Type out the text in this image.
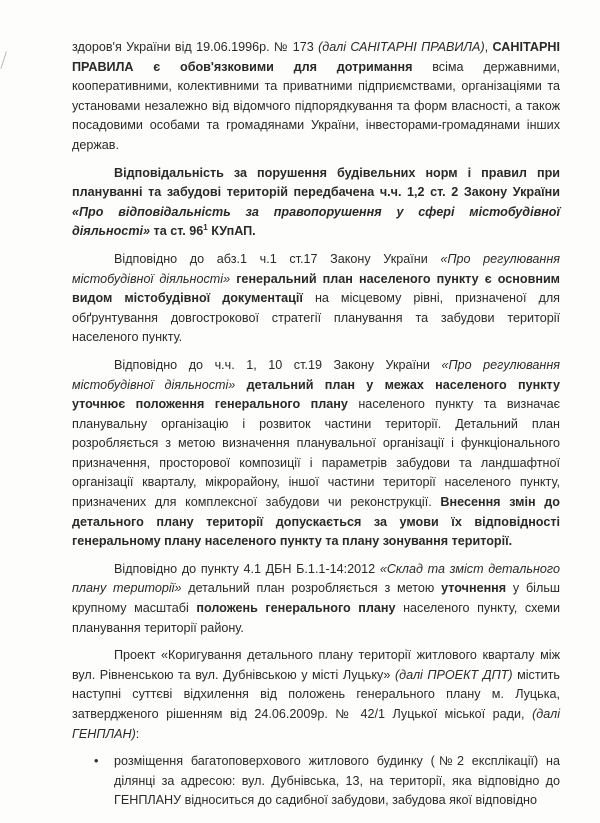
здоров'я України від 19.06.1996р. № 173 (далі САНІТАРНІ ПРАВИЛА), САНІТАРНІ ПРАВИЛА є обов'язковими для дотримання всіма державними, кооперативними, колективними та приватними підприємствами, організаціями та установами незалежно від відомчого підпорядкування та форм власності, а також посадовими особами та громадянами України, інвесторами-громадянами інших держав.

Відповідальність за порушення будівельних норм і правил при плануванні та забудові територій передбачена ч.ч. 1,2 ст. 2 Закону України «Про відповідальність за правопорушення у сфері містобудівної діяльності» та ст. $96^1$ КУпАП.

Відповідно до абз.1 ч.1 ст.17 Закону України «Про регулювання містобудівної діяльності» генеральний план населеного пункту є основним видом містобудівної документації на місцевому рівні, призначеної для обґрунтування довгострокової стратегії планування та забудови території населеного пункту.

Відповідно до ч.ч. 1, 10 ст.19 Закону України «Про регулювання містобудівної діяльності» детальний план у межах населеного пункту уточнює положення генерального плану населеного пункту та визначає планувальну організацію і розвиток частини території. Детальний план розробляється з метою визначення планувальної організації і функціонального призначення, просторової композиції і параметрів забудови та ландшафтної організації кварталу, мікрорайону, іншої частини території населеного пункту, призначених для комплексної забудови чи реконструкції. Внесення змін до детального плану території допускається за умови їх відповідності генеральному плану населеного пункту та плану зонування території.

Відповідно до пункту 4.1 ДБН Б.1.1-14:2012 «Склад та зміст детального плану території» детальний план розробляється з метою уточнення у більш крупному масштабі положень генерального плану населеного пункту, схеми планування території району.

Проект «Коригування детального плану території житлового кварталу між вул. Рівненською та вул. Дубнівською у місті Луцьку» (далі ПРОЕКТ ДПТ) містить наступні суттєві відхилення від положень генерального плану м. Луцька, затвердженого рішенням від 24.06.2009р. № 42/1 Луцької міської ради, (далі ГЕНПЛАН):

• розміщення багатоповерхового житлового будинку (№2 експлікації) на ділянці за адресою: вул. Дубнівська, 13, на території, яка відповідно до ГЕНПЛАНУ відноситься до садибної забудови, забудова якої відповідно
